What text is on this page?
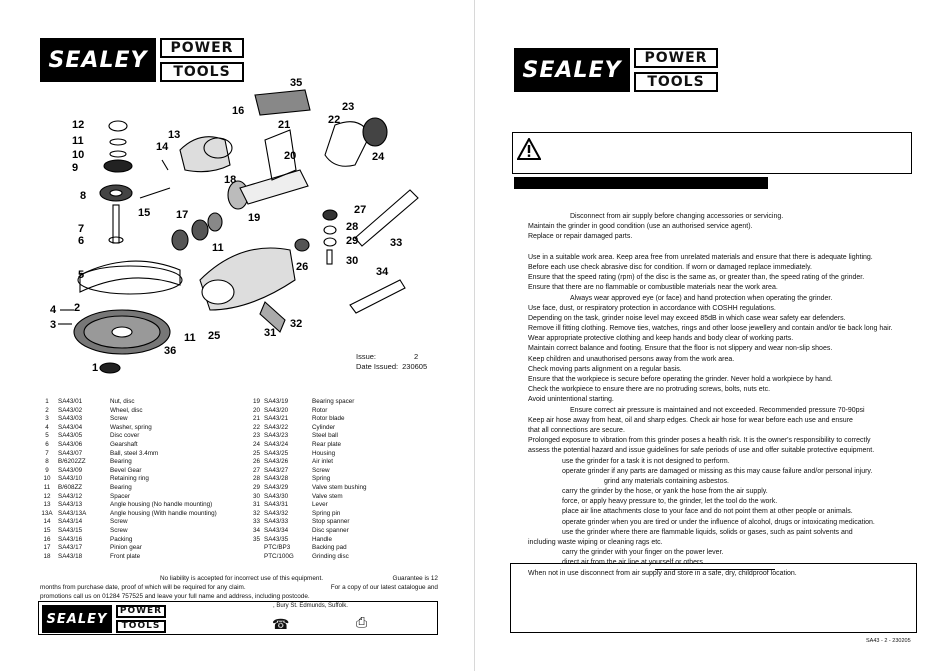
SEALEY	POWER
TOOLS
35
16	23
22
12
13
21
11	14
10	20	24
9
18
8
15 17	19
27
7	28
6
11
29	33
26	30
5	34
4 2
3
25	31
32
11
36
1
Issue:	2
Date Issued: 230605
1	SA43/01	Nut, disc
2	SA43/02	Wheel, disc
3	SA43/03	Screw
4	SA43/04	Washer, spring
5	SA43/05	Disc cover
6	SA43/06	Gearshaft
7	SA43/07	Ball, steel 3.4mm
8	B/6202ZZ	Bearing
9	SA43/09	Bevel Gear
10	SA43/10	Retaining ring
11	B/608ZZ	Bearing
12	SA43/12	Spacer
13	SA43/13	Angle housing (No handle mounting)
13A SA43/13A	Angle housing (With handle mounting)
14	SA43/14	Screw
15	SA43/15	Screw
16	SA43/16	Packing
17	SA43/17	Pinion gear
18	SA43/18	Front plate
19 SA43/19	Bearing spacer
20 SA43/20	Rotor
21 SA43/21	Rotor blade
22 SA43/22	Cylinder
23 SA43/23	Steel ball
24 SA43/24	Rear plate
25 SA43/25	Housing
26 SA43/26	Air inlet
27 SA43/27	Screw
28 SA43/28	Spring
29 SA43/29	Valve stem bushing
30 SA43/30	Valve stem
31 SA43/31	Lever
32 SA43/32	Spring pin
33 SA43/33	Stop spanner
34 SA43/34	Disc spanner
35 SA43/35	Handle
PTC/BP3	Backing pad
PTC/100G	Grinding disc
No liability is accepted for incorrect use of this equipment.	Guarantee is 12
months from purchase date, proof of which will be required for any claim.	For a copy of our latest catalogue and
promotions call us on 01284 757525 and leave your full name and address, including postcode.
SEALEY
POWER
TOOLS
, Bury St. Edmunds, Suffolk.
☎	⎙
SEALEY	POWER
TOOLS
Disconnect from air supply before changing accessories or servicing.
Maintain the grinder in good condition (use an authorised service agent).
Replace or repair damaged parts.
Use in a suitable work area. Keep area free from unrelated materials and ensure that there is adequate lighting.
Before each use check abrasive disc for condition. If worn or damaged replace immediately.
Ensure that the speed rating (rpm) of the disc is the same as, or greater than, the speed rating of the grinder.
Ensure that there are no flammable or combustible materials near the work area.
Always wear approved eye (or face) and hand protection when operating the grinder.
Use face, dust, or respiratory protection in accordance with COSHH regulations.
Depending on the task, grinder noise level may exceed 85dB in which case wear safety ear defenders.
Remove ill fitting clothing. Remove ties, watches, rings and other loose jewellery and contain and/or tie back long hair.
Wear appropriate protective clothing and keep hands and body clear of working parts.
Maintain correct balance and footing. Ensure that the floor is not slippery and wear non-slip shoes.
Keep children and unauthorised persons away from the work area.
Check moving parts alignment on a regular basis.
Ensure that the workpiece is secure before operating the grinder. Never hold a workpiece by hand.
Check the workpiece to ensure there are no protruding screws, bolts, nuts etc.
Avoid unintentional starting.
Ensure correct air pressure is maintained and not exceeded. Recommended pressure 70-90psi
Keep air hose away from heat, oil and sharp edges. Check air hose for wear before each use and ensure
that all connections are secure.
Prolonged exposure to vibration from this grinder poses a health risk. It is the owner's responsibility to correctly
assess the potential hazard and issue guidelines for safe periods of use and offer suitable protective equipment.
use the grinder for a task it is not designed to perform.
operate grinder if any parts are damaged or missing as this may cause failure and/or personal injury.
grind any materials containing asbestos.
carry the grinder by the hose, or yank the hose from the air supply.
force, or apply heavy pressure to, the grinder, let the tool do the work.
place air line attachments close to your face and do not point them at other people or animals.
operate grinder when you are tired or under the influence of alcohol, drugs or intoxicating medication.
use the grinder where there are flammable liquids, solids or gases, such as paint solvents and
including waste wiping or cleaning rags etc.
carry the grinder with your finger on the power lever.
direct air from the air line at yourself or others.
When not in use disconnect from air supply and store in a safe, dry, childproof location.
SA43 - 2 - 230205
